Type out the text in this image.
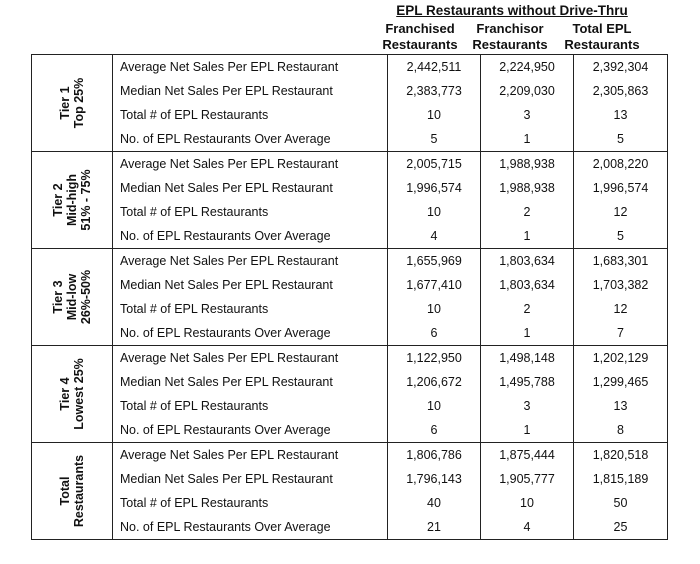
EPL Restaurants without Drive-Thru
Franchised
Restaurants
Franchisor
Restaurants
Total EPL
Restaurants
Tier 1 Top 25%	Average Net Sales Per EPL Restaurant	2,442,511	2,224,950	2,392,304
	Median Net Sales Per EPL Restaurant	2,383,773	2,209,030	2,305,863
	Total # of EPL Restaurants	10	3	13
	No. of EPL Restaurants Over Average	5	1	5

Tier 2 Mid-high 51% - 75%	Average Net Sales Per EPL Restaurant	2,005,715	1,988,938	2,008,220
	Median Net Sales Per EPL Restaurant	1,996,574	1,988,938	1,996,574
	Total # of EPL Restaurants	10	2	12
	No. of EPL Restaurants Over Average	4	1	5

Tier 3 Mid-low 26%-50%	Average Net Sales Per EPL Restaurant	1,655,969	1,803,634	1,683,301
	Median Net Sales Per EPL Restaurant	1,677,410	1,803,634	1,703,382
	Total # of EPL Restaurants	10	2	12
	No. of EPL Restaurants Over Average	6	1	7

Tier 4 Lowest 25%	Average Net Sales Per EPL Restaurant	1,122,950	1,498,148	1,202,129
	Median Net Sales Per EPL Restaurant	1,206,672	1,495,788	1,299,465
	Total # of EPL Restaurants	10	3	13
	No. of EPL Restaurants Over Average	6	1	8

Total Restaurants	Average Net Sales Per EPL Restaurant	1,806,786	1,875,444	1,820,518
	Median Net Sales Per EPL Restaurant	1,796,143	1,905,777	1,815,189
	Total # of EPL Restaurants	40	10	50
	No. of EPL Restaurants Over Average	21	4	25
